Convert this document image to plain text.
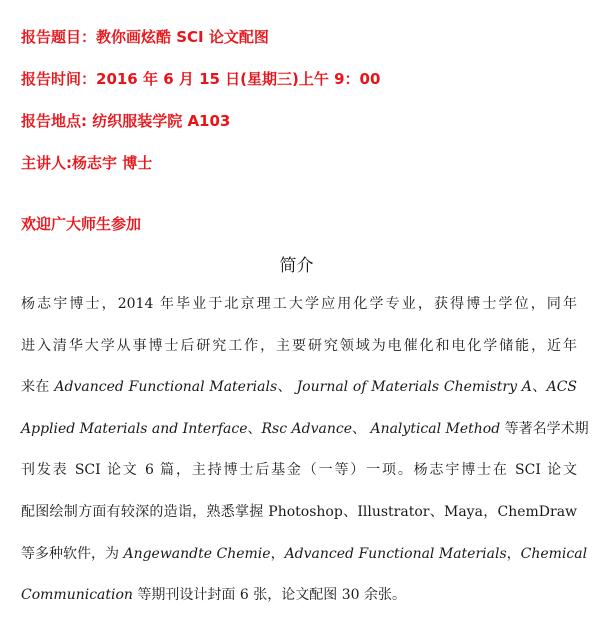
报告题目：教你画炫酷 SCI 论文配图
报告时间：2016 年 6 月 15 日(星期三)上午 9：00
报告地点: 纺织服装学院 A103
主讲人:杨志宇 博士
欢迎广大师生参加
简介
杨志宇博士，2014 年毕业于北京理工大学应用化学专业，获得博士学位，同年
进入清华大学从事博士后研究工作，主要研究领域为电催化和电化学储能，近年
来在 Advanced Functional Materials、 Journal of Materials Chemistry A、ACS
Applied Materials and Interface、Rsc Advance、 Analytical Method 等著名学术期
刊发表 SCI 论文 6 篇，主持博士后基金（一等）一项。杨志宇博士在 SCI 论文
配图绘制方面有较深的造诣，熟悉掌握 Photoshop、Illustrator、Maya，ChemDraw
等多种软件，为 Angewandte Chemie，Advanced Functional Materials，Chemical
Communication 等期刊设计封面 6 张，论文配图 30 余张。
